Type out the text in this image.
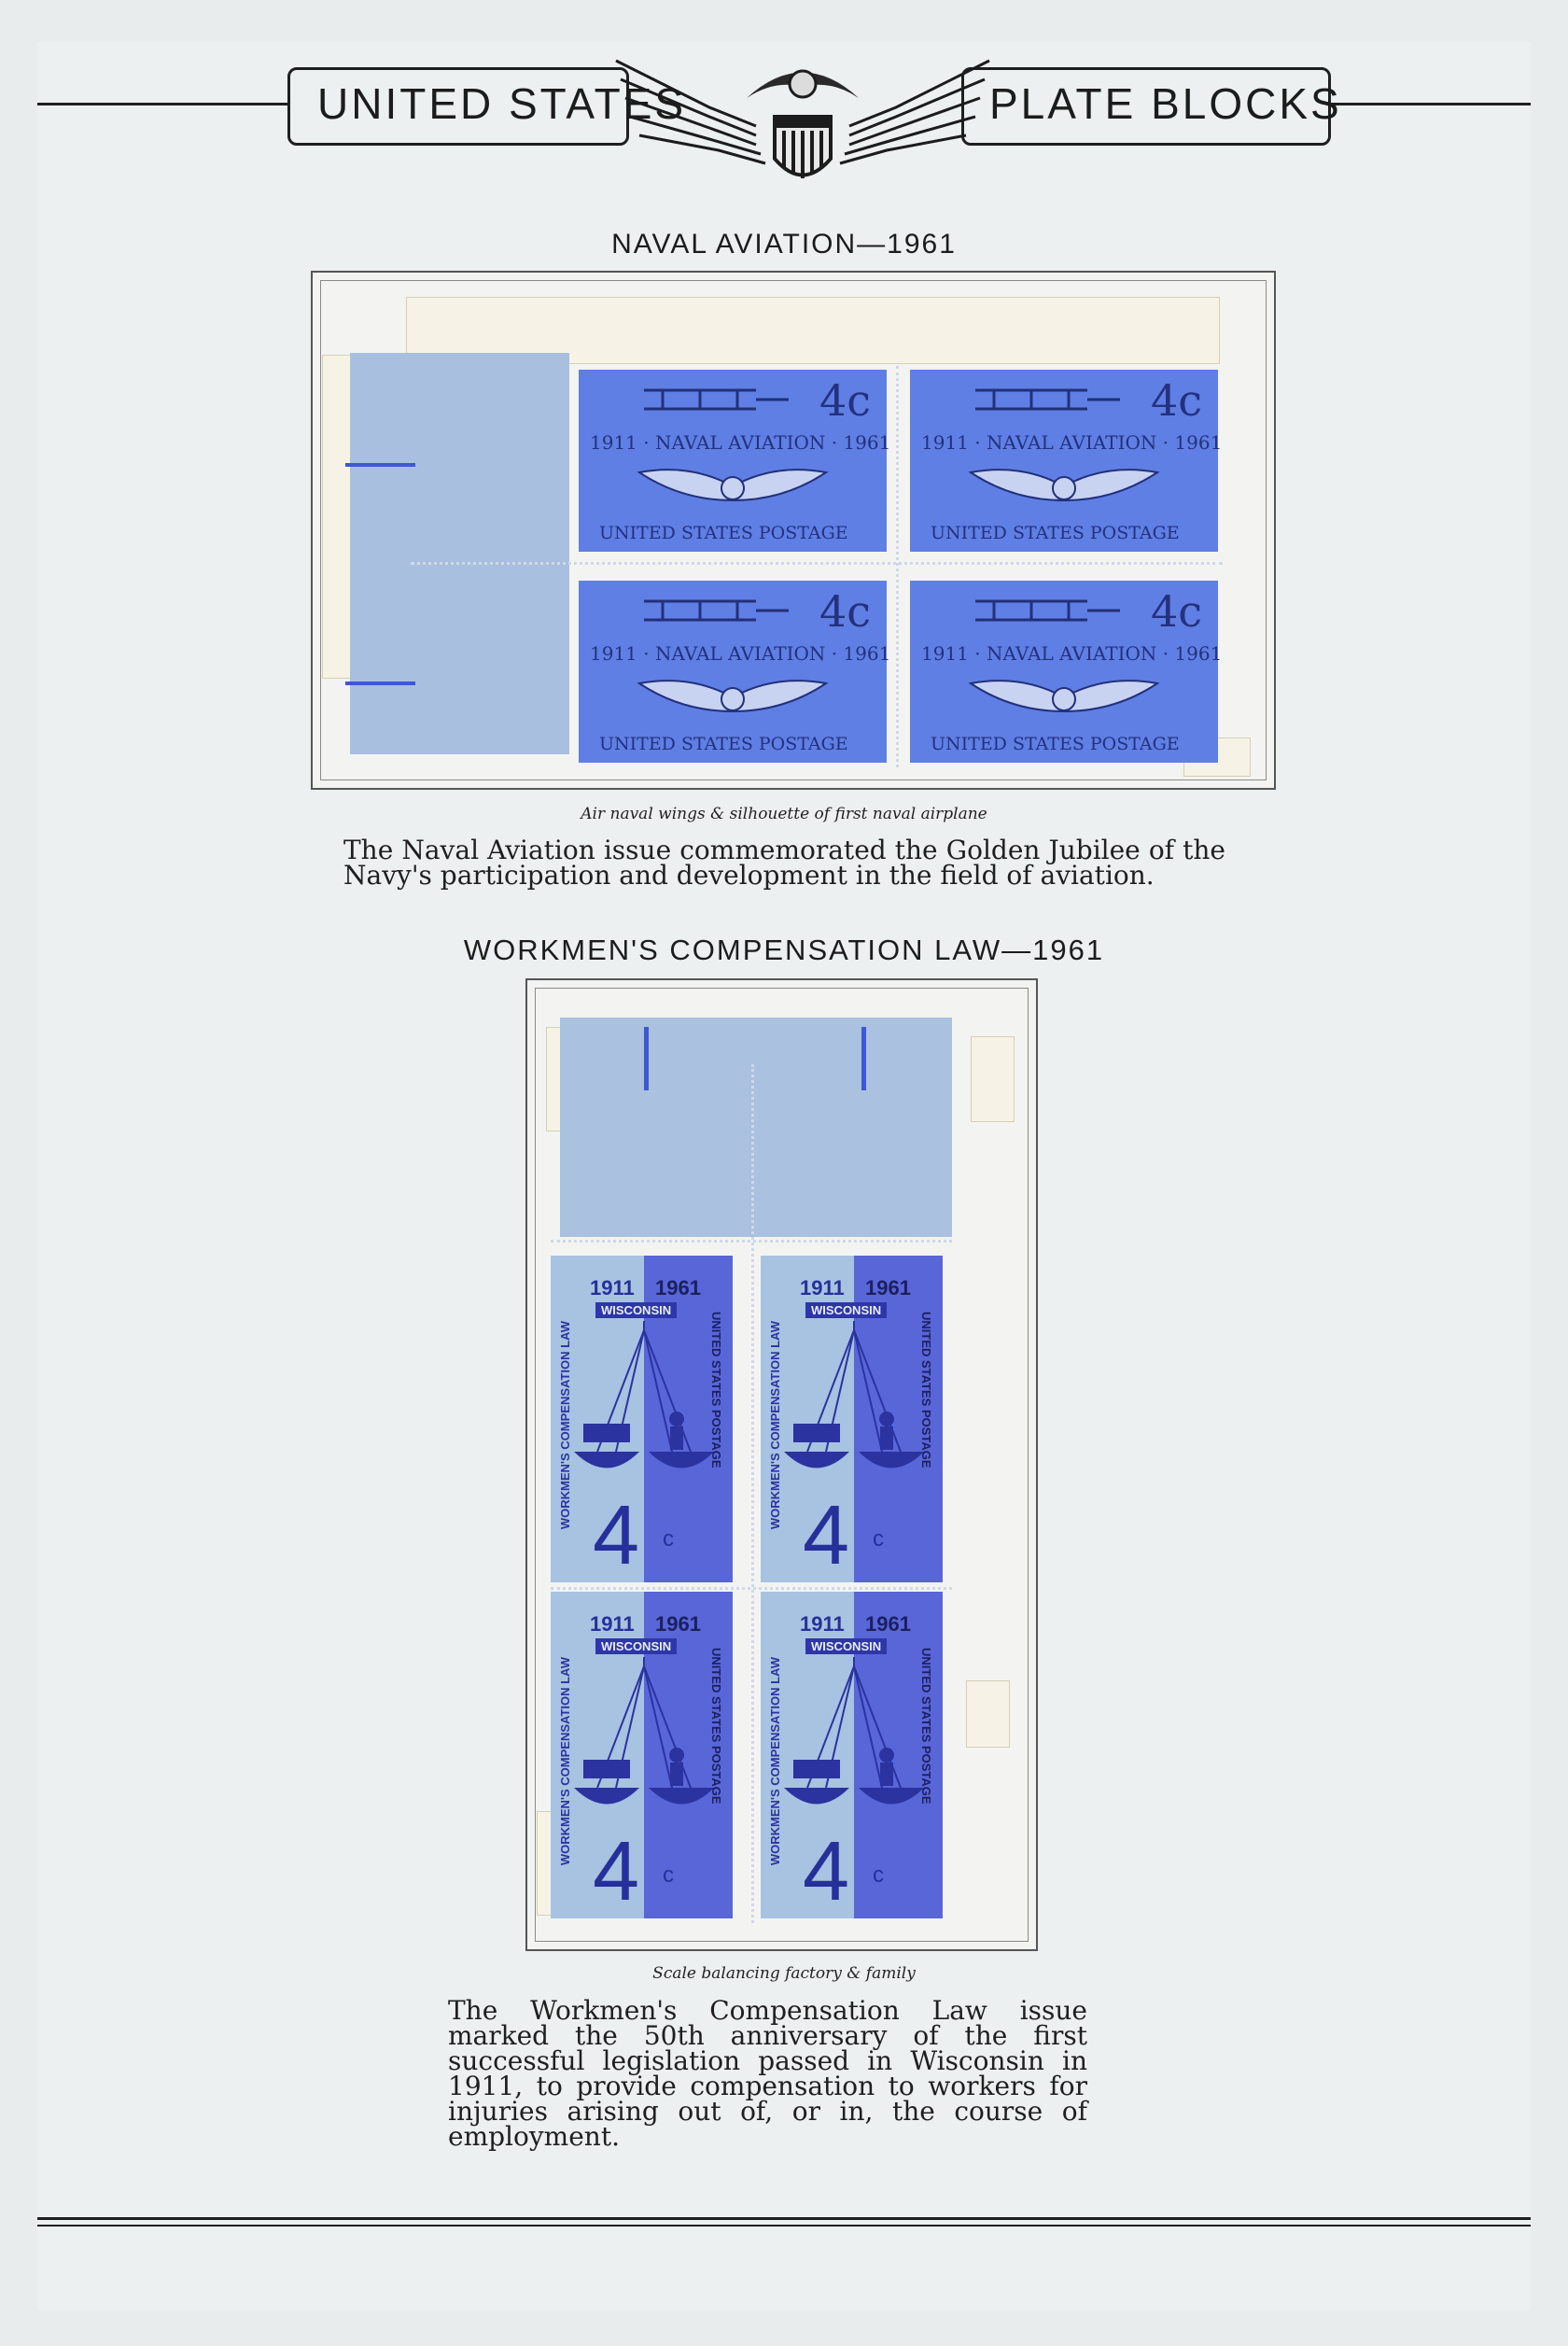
UNITED STATES	PLATE BLOCKS
NAVAL AVIATION—1961
4c
1911 · NAVAL AVIATION · 1961
UNITED STATES POSTAGE
4c
1911 · NAVAL AVIATION · 1961
UNITED STATES POSTAGE
4c
1911 · NAVAL AVIATION · 1961
UNITED STATES POSTAGE
4c
1911 · NAVAL AVIATION · 1961
UNITED STATES POSTAGE
Air naval wings & silhouette of first naval airplane
The Naval Aviation issue commemorated the Golden Jubilee of the Navy's participation and development in the field of aviation.
WORKMEN'S COMPENSATION LAW—1961
1911 1961
WISCONSIN
WORKMEN'S COMPENSATION LAW	UNITED STATES POSTAGE
4 c
1911 1961
WISCONSIN
WORKMEN'S COMPENSATION LAW	UNITED STATES POSTAGE
4 c
1911 1961
WISCONSIN
WORKMEN'S COMPENSATION LAW	UNITED STATES POSTAGE
4 c
1911 1961
WISCONSIN
WORKMEN'S COMPENSATION LAW	UNITED STATES POSTAGE
4 c
Scale balancing factory & family
The Workmen's Compensation Law issue marked the 50th anniversary of the first successful legislation passed in Wisconsin in 1911, to provide compensation to workers for injuries arising out of, or in, the course of employment.
